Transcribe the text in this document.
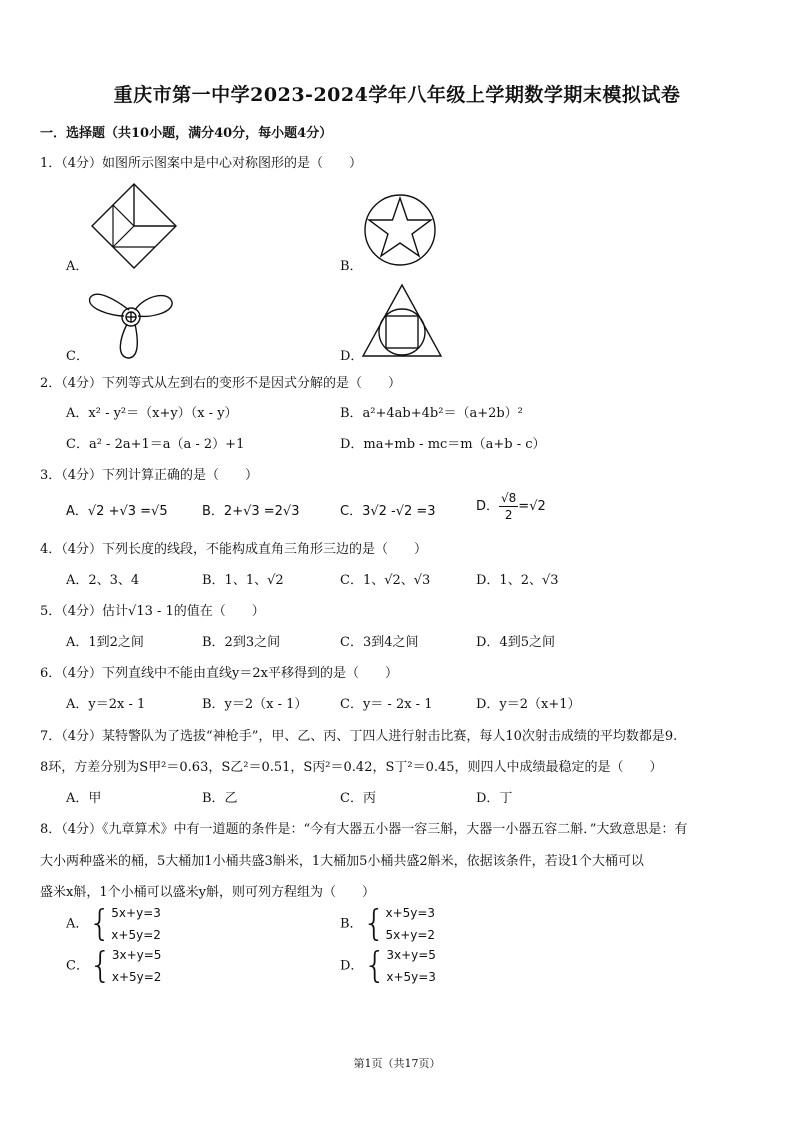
重庆市第一中学2023-2024学年八年级上学期数学期末模拟试卷
一．选择题（共10小题，满分40分，每小题4分）
1．（4分）如图所示图案中是中心对称图形的是（　　）
A．	B．
C．	D．
2．（4分）下列等式从左到右的变形不是因式分解的是（　　）
A．x² - y²＝（x+y）（x - y）	B．a²+4ab+4b²＝（a+2b）²
C．a² - 2a+1＝a（a - 2）+1	D．ma+mb - mc＝m（a+b - c）
3．（4分）下列计算正确的是（　　）
A．√2 +√3 =√5	B．2+√3 =2√3	C．3√2 -√2 =3	D． $\frac{√8}{2} =√2$
4．（4分）下列长度的线段，不能构成直角三角形三边的是（　　）
A．2、3、4	B．1、1、√2	C．1、√2、√3	D．1、2、√3
5．（4分）估计√13 - 1的值在（　　）
A．1到2之间	B．2到3之间	C．3到4之间	D．4到5之间
6．（4分）下列直线中不能由直线y＝2x平移得到的是（　　）
A．y＝2x - 1	B．y＝2（x - 1）	C．y＝ - 2x - 1	D．y＝2（x+1）
7．（4分）某特警队为了选拔“神枪手”，甲、乙、丙、丁四人进行射击比赛，每人10次射击成绩的平均数都是9.
8环，方差分别为S甲²＝0.63，S乙²＝0.51，S丙²＝0.42，S丁²＝0.45，则四人中成绩最稳定的是（　　）
A．甲	B．乙	C．丙	D．丁
8．（4分）《九章算术》中有一道题的条件是：“今有大器五小器一容三斛，大器一小器五容二斛．”大致意思是：有
大小两种盛米的桶，5大桶加1小桶共盛3斛米，1大桶加5小桶共盛2斛米，依据该条件，若设1个大桶可以
盛米x斛，1个小桶可以盛米y斛，则可列方程组为（　　）
A．{ 5x+y=3
x+5y=2
B．{ x+5y=3
5x+y=2
C．{ 3x+y=5
x+5y=2
D．{ 3x+y=5
x+5y=3
第1页（共17页）
